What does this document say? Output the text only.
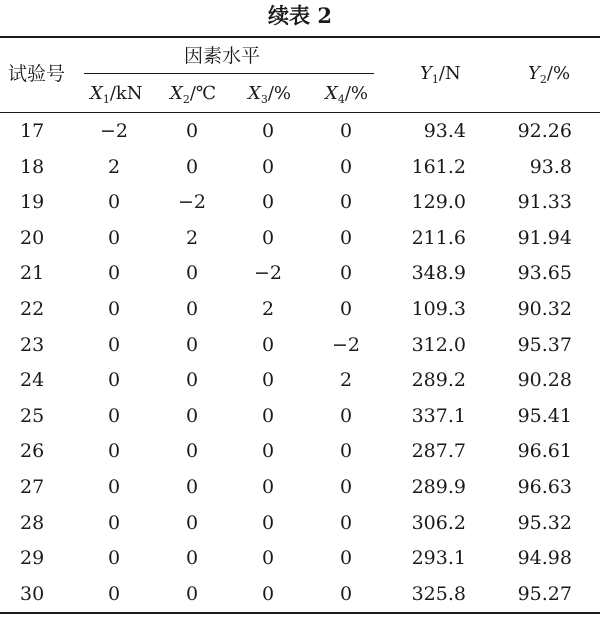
续表 2
试验号
因素水平
$X_1/kN$ $X_2/℃$ $X_3/\%$ $X_4/\%$
$Y_1/N$	$Y_2/\%$
17	−2	0	0	0	93.4	92.26
18	2	0	0	0	161.2	93.8
19	0	−2	0	0	129.0	91.33
20	0	2	0	0	211.6	91.94
21	0	0	−2	0	348.9	93.65
22	0	0	2	0	109.3	90.32
23	0	0	0	−2	312.0	95.37
24	0	0	0	2	289.2	90.28
25	0	0	0	0	337.1	95.41
26	0	0	0	0	287.7	96.61
27	0	0	0	0	289.9	96.63
28	0	0	0	0	306.2	95.32
29	0	0	0	0	293.1	94.98
30	0	0	0	0	325.8	95.27
